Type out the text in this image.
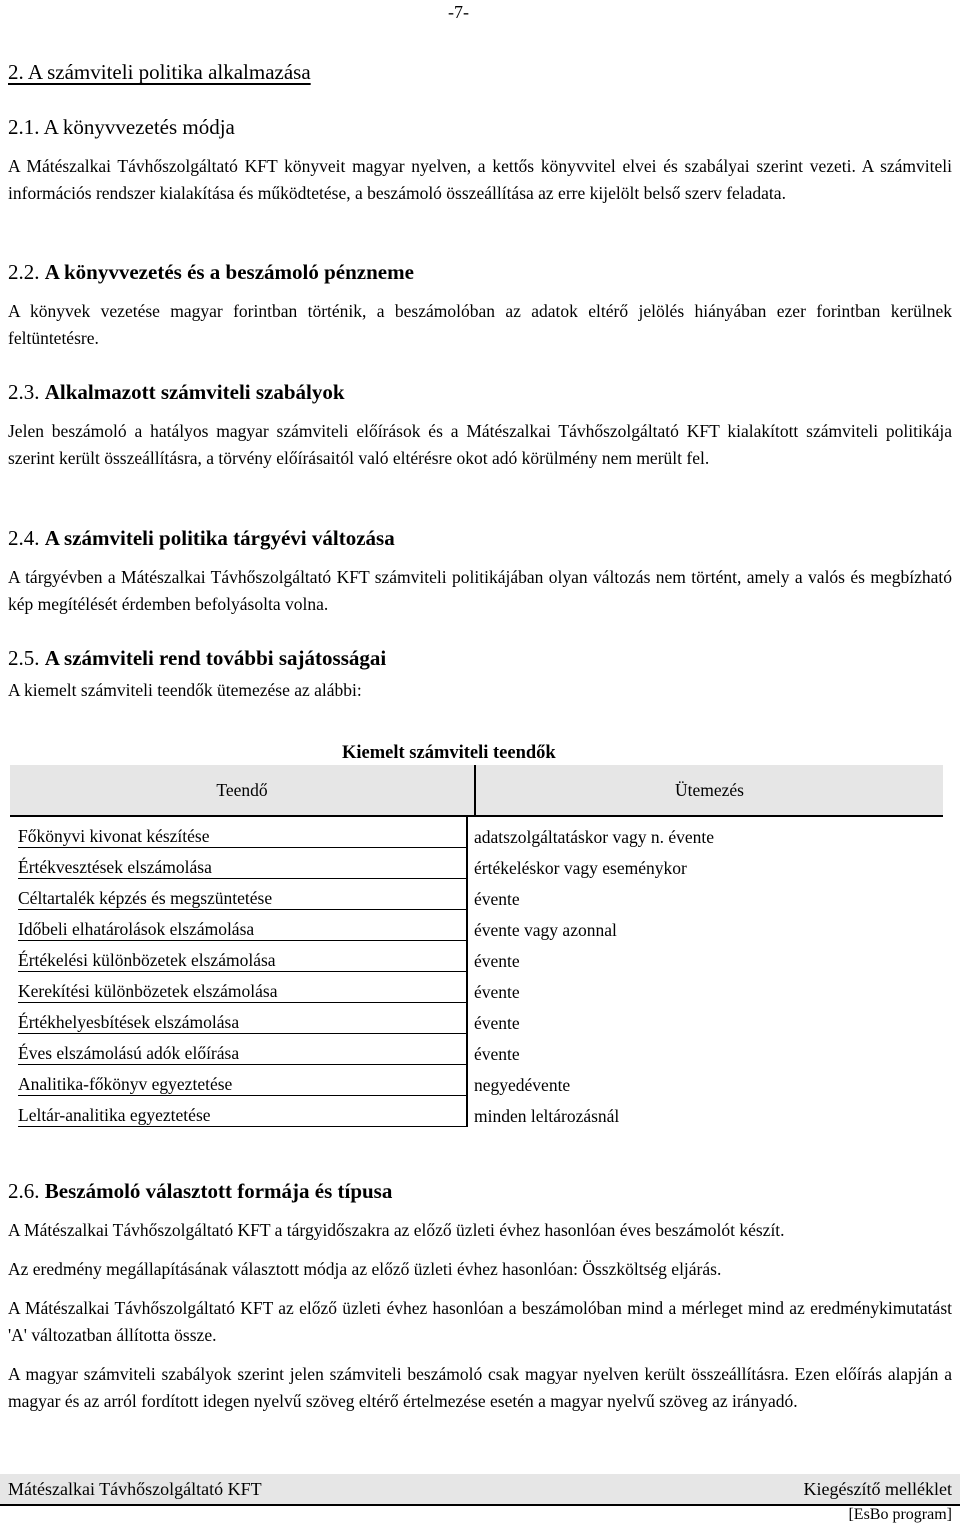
-7-
2. A számviteli politika alkalmazása
2.1. A könyvvezetés módja

A Mátészalkai Távhőszolgáltató KFT könyveit magyar nyelven, a kettős könyvvitel elvei és szabályai szerint vezeti. A számviteli információs rendszer kialakítása és működtetése, a beszámoló összeállítása az erre kijelölt belső szerv feladata.

2.2. A könyvvezetés és a beszámoló pénzneme

A könyvek vezetése magyar forintban történik, a beszámolóban az adatok eltérő jelölés hiányában ezer forintban kerülnek feltüntetésre.

2.3. Alkalmazott számviteli szabályok

Jelen beszámoló a hatályos magyar számviteli előírások és a Mátészalkai Távhőszolgáltató KFT kialakított számviteli politikája szerint került összeállításra, a törvény előírásaitól való eltérésre okot adó körülmény nem merült fel.

2.4. A számviteli politika tárgyévi változása

A tárgyévben a Mátészalkai Távhőszolgáltató KFT számviteli politikájában olyan változás nem történt, amely a valós és megbízható kép megítélését érdemben befolyásolta volna.

2.5. A számviteli rend további sajátosságai

A kiemelt számviteli teendők ütemezése az alábbi:

2.6. Beszámoló választott formája és típusa

A Mátészalkai Távhőszolgáltató KFT a tárgyidőszakra az előző üzleti évhez hasonlóan éves beszámolót készít.

Az eredmény megállapításának választott módja az előző üzleti évhez hasonlóan: Összköltség eljárás.

A Mátészalkai Távhőszolgáltató KFT az előző üzleti évhez hasonlóan a beszámolóban mind a mérleget mind az eredménykimutatást 'A' változatban állította össze.

A magyar számviteli szabályok szerint jelen számviteli beszámoló csak magyar nyelven került összeállításra. Ezen előírás alapján a magyar és az arról fordított idegen nyelvű szöveg eltérő értelmezése esetén a magyar nyelvű szöveg az irányadó.

Kiemelt számviteli teendők
Teendő	Ütemezés
Főkönyvi kivonat készítése	adatszolgáltatáskor vagy n. évente
Értékvesztések elszámolása	értékeléskor vagy eseménykor
Céltartalék képzés és megszüntetése	évente
Időbeli elhatárolások elszámolása	évente vagy azonnal
Értékelési különbözetek elszámolása	évente
Kerekítési különbözetek elszámolása	évente
Értékhelyesbítések elszámolása	évente
Éves elszámolású adók előírása	évente
Analitika-főkönyv egyeztetése	negyedévente
Leltár-analitika egyeztetése	minden leltározásnál
Mátészalkai Távhőszolgáltató KFT	Kiegészítő melléklet
[EsBo program]
